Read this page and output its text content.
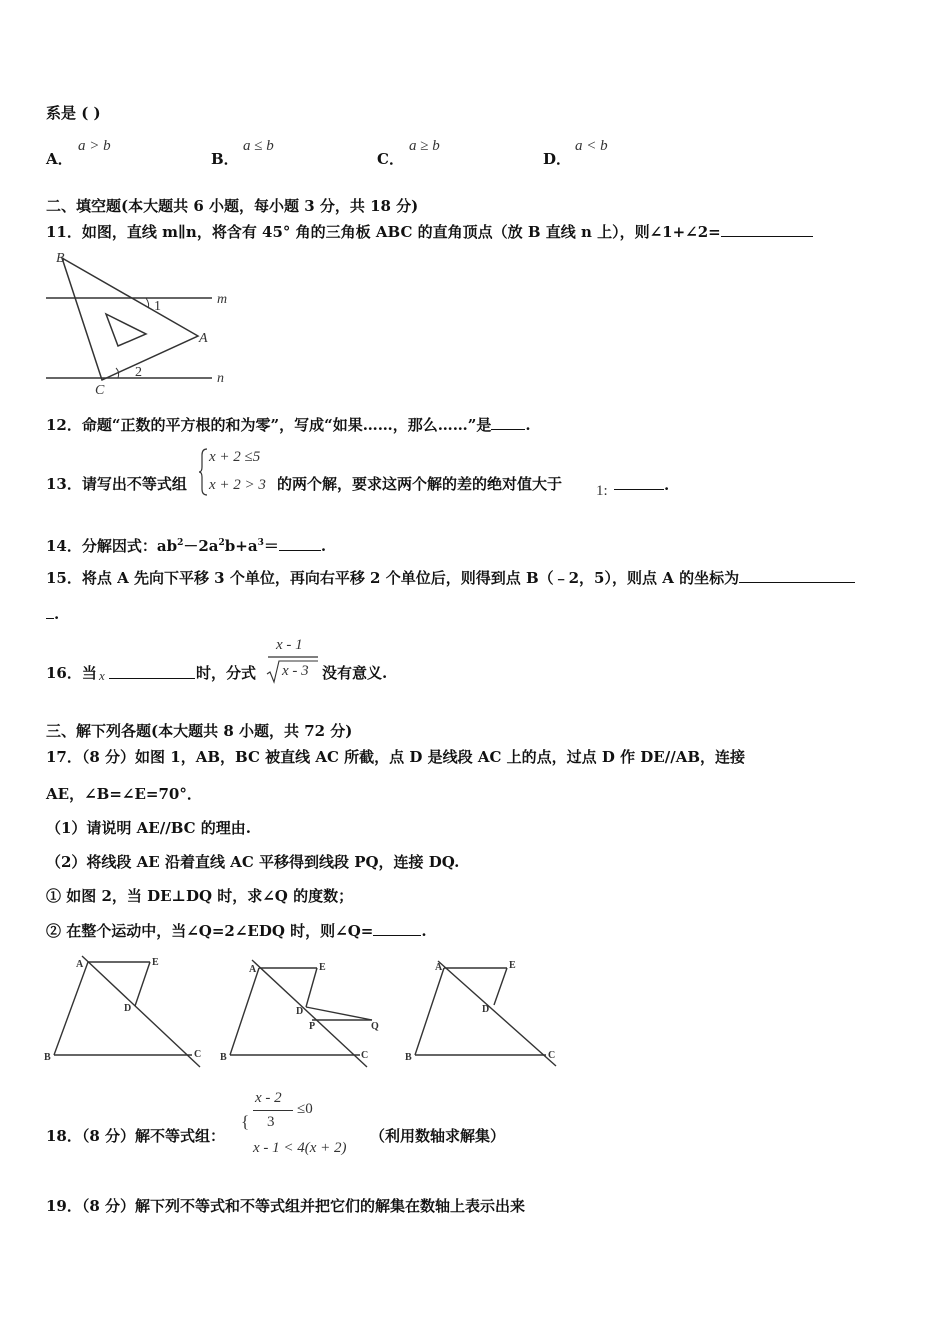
系是 ( )
A．
a > b
B．
a ≤ b
C．
a ≥ b
D．
a < b
二、填空题(本大题共 6 小题，每小题 3 分，共 18 分)
11．如图，直线 m∥n，将含有 45° 角的三角板 ABC 的直角顶点（放 B 直线 n 上），则∠1+∠2=
B
A
C
m
n
1
2
12．命题“正数的平方根的和为零”，写成“如果……，那么……”是 .
13．请写出不等式组
x + 2 ≤5
x + 2 > 3 的两个解，要求这两个解的差的绝对值大于 1:	.
14．分解因式：$ab^2-2a^2b+a^3=$	.
15．将点 A 先向下平移 3 个单位，再向右平移 2 个单位后，则得到点 B（﹣2，5），则点 A 的坐标为
.
16．当 x	时，分式
x - 1
x - 3 没有意义.
三、解下列各题(本大题共 8 小题，共 72 分)
17．（8 分）如图 1，AB，BC 被直线 AC 所截，点 D 是线段 AC 上的点，过点 D 作 DE//AB，连接
AE，∠B=∠E=70°．
（1）请说明 AE//BC 的理由.
（2）将线段 AE 沿着直线 AC 平移得到线段 PQ，连接 DQ.
① 如图 2，当 DE⊥DQ 时，求∠Q 的度数；
② 在整个运动中，当∠Q=2∠EDQ 时，则∠Q=	.
A	E
D
B	C
A	E
D
P	Q
B	C
A	E
D
B	C
18．（8 分）解不等式组：
{
x - 2
3
≤0
x - 1 < 4(x + 2)
（利用数轴求解集）
19．（8 分）解下列不等式和不等式组并把它们的解集在数轴上表示出来
